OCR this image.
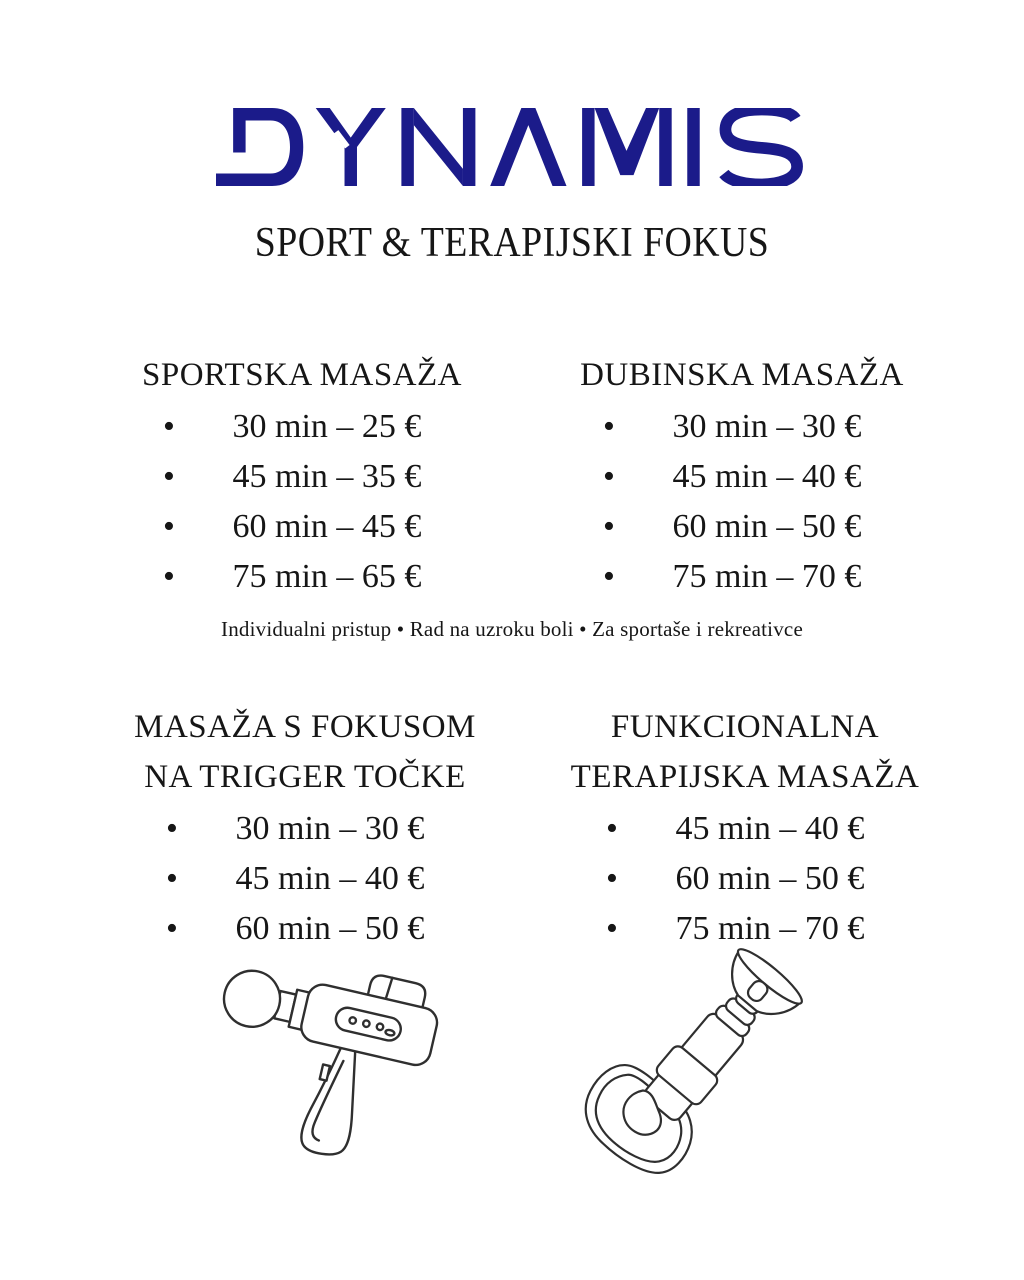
SPORT & TERAPIJSKI FOKUS
SPORTSKA MASAŽA
•	30 min – 25 €
•	45 min – 35 €
•	60 min – 45 €
•	75 min – 65 €
DUBINSKA MASAŽA
•	30 min – 30 €
•	45 min – 40 €
•	60 min – 50 €
•	75 min – 70 €

Individualni pristup • Rad na uzroku boli • Za sportaše i rekreativce

MASAŽA S FOKUSOM
NA TRIGGER TOČKE
•	30 min – 30 €
•	45 min – 40 €
•	60 min – 50 €
FUNKCIONALNA
TERAPIJSKA MASAŽA
•	45 min – 40 €
•	60 min – 50 €
•	75 min – 70 €
